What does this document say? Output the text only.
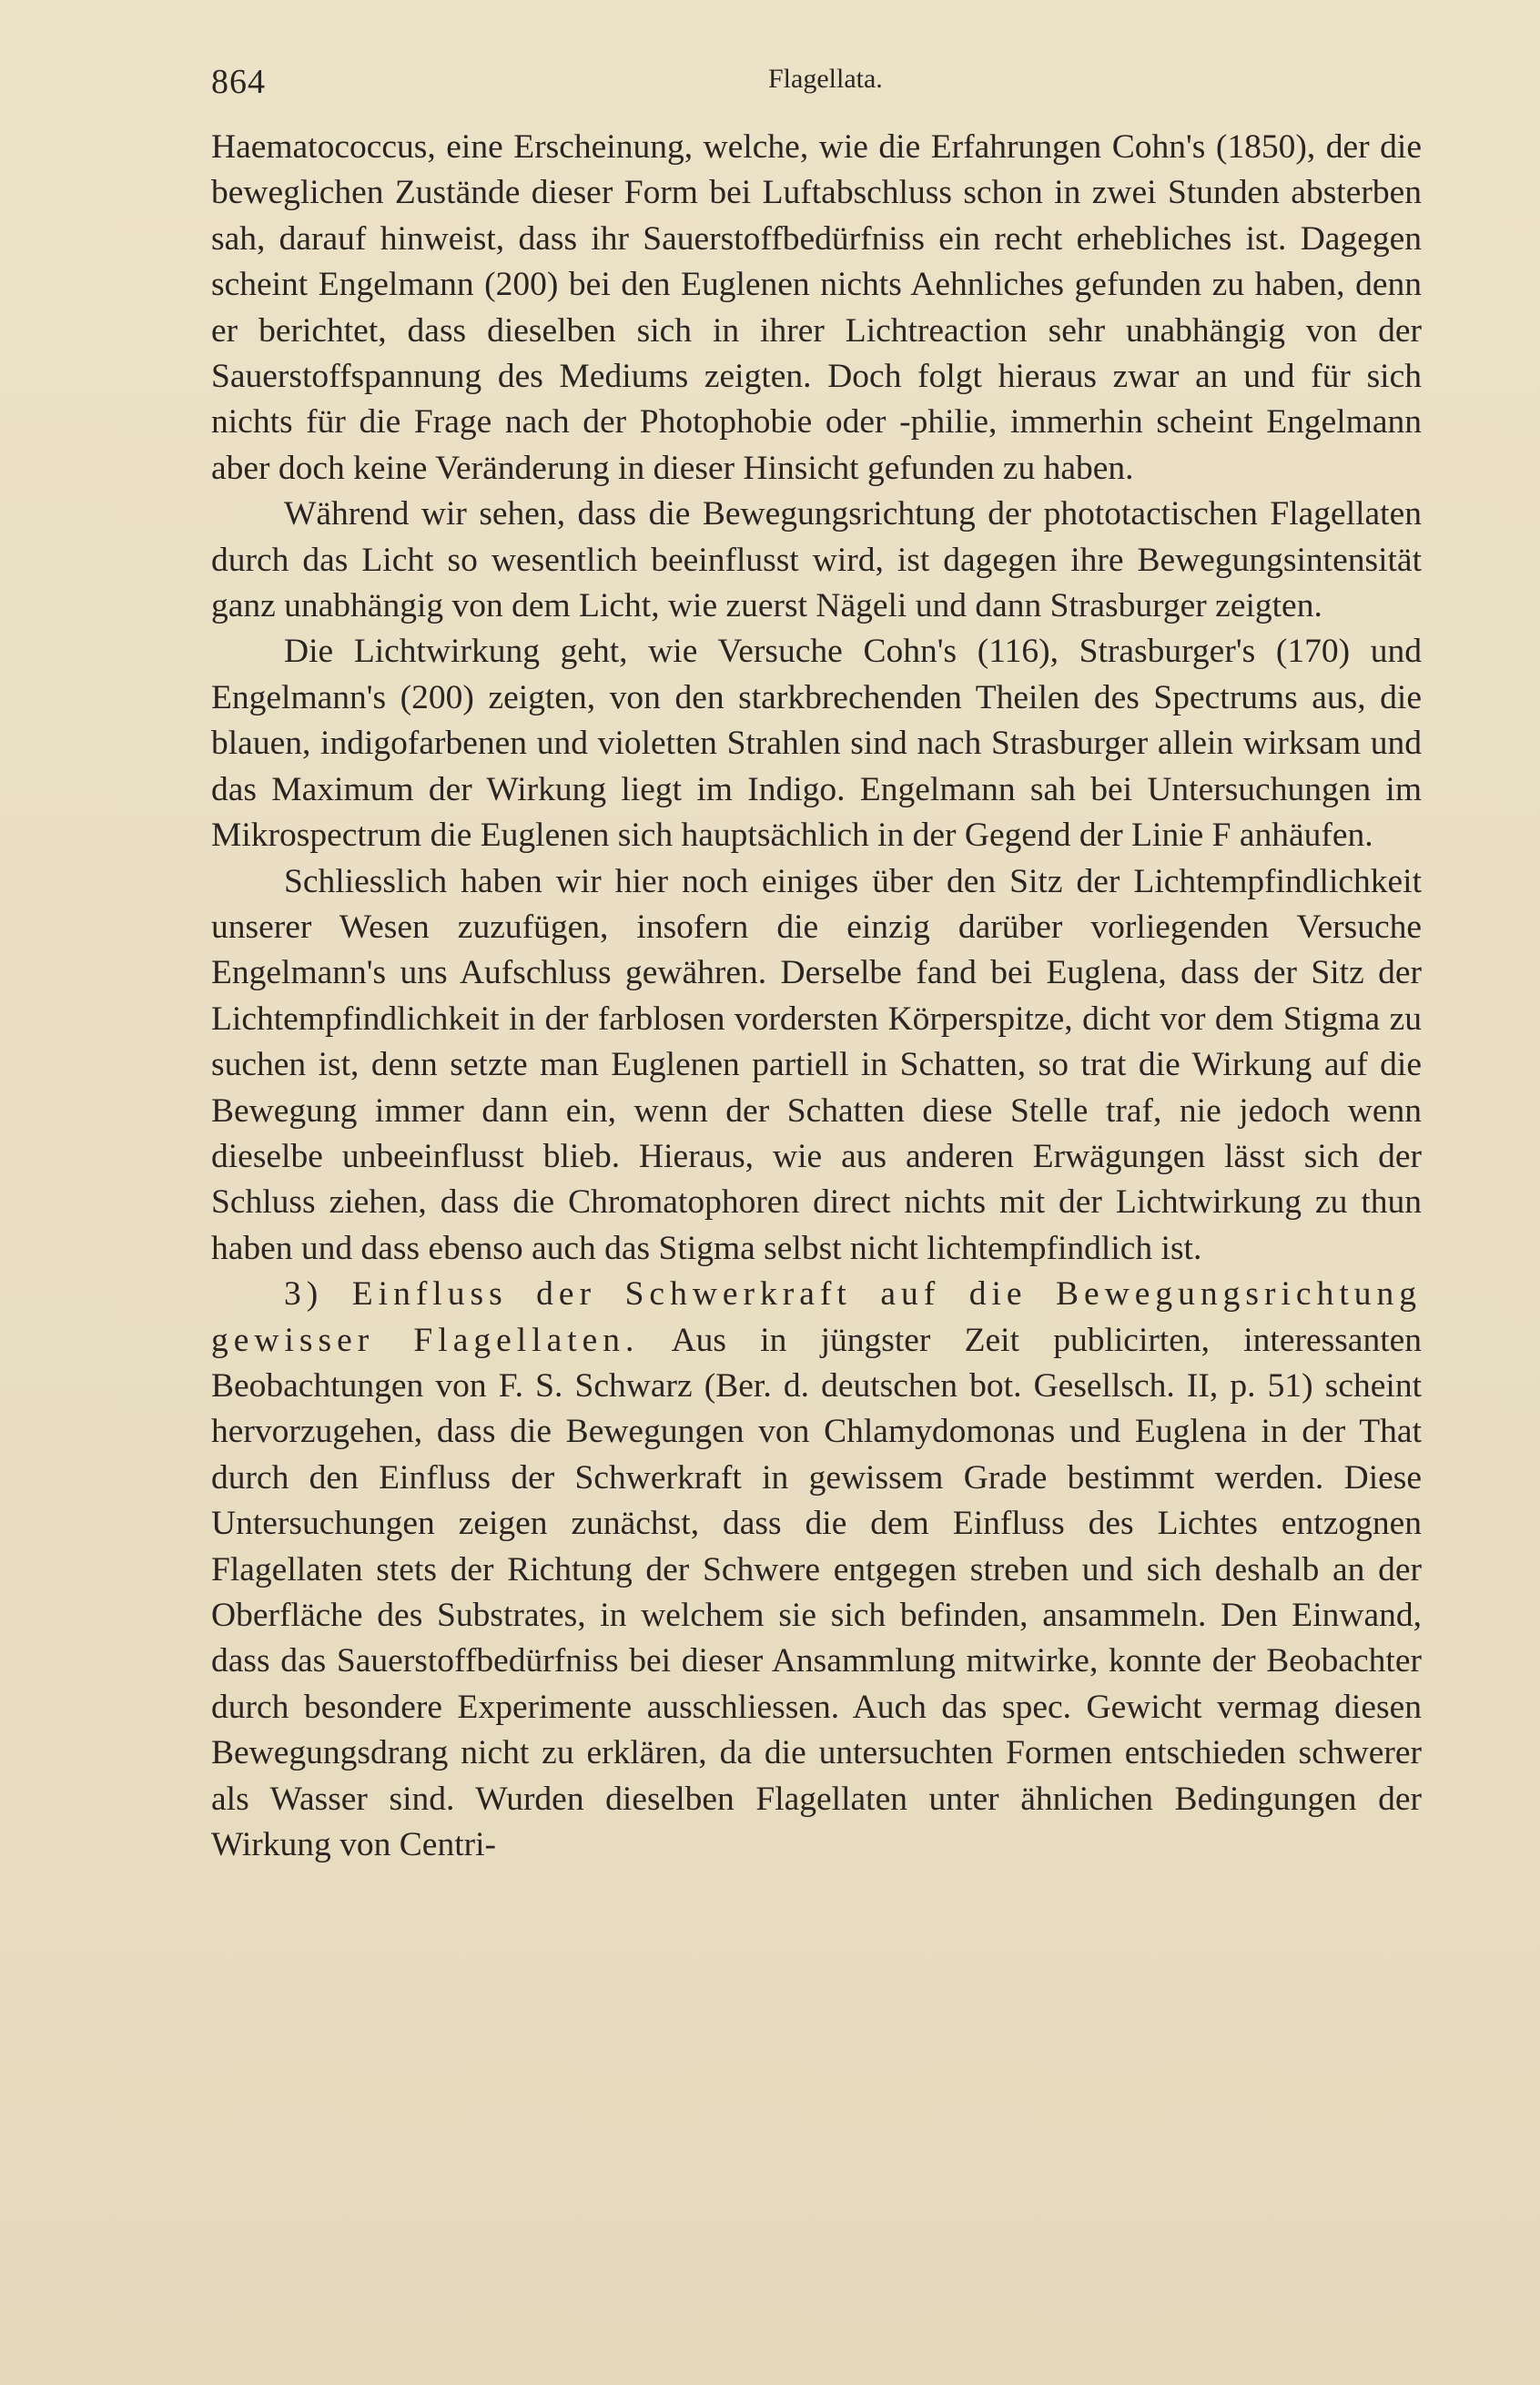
864	Flagellata.

Haematococcus, eine Erscheinung, welche, wie die Erfahrungen Cohn's (1850), der die beweglichen Zustände dieser Form bei Luftabschluss schon in zwei Stunden absterben sah, darauf hinweist, dass ihr Sauerstoffbedürfniss ein recht erhebliches ist. Dagegen scheint Engelmann (200) bei den Euglenen nichts Aehnliches gefunden zu haben, denn er berichtet, dass dieselben sich in ihrer Lichtreaction sehr unabhängig von der Sauerstoffspannung des Mediums zeigten. Doch folgt hieraus zwar an und für sich nichts für die Frage nach der Photophobie oder -philie, immerhin scheint Engelmann aber doch keine Veränderung in dieser Hinsicht gefunden zu haben.

Während wir sehen, dass die Bewegungsrichtung der phototactischen Flagellaten durch das Licht so wesentlich beeinflusst wird, ist dagegen ihre Bewegungsintensität ganz unabhängig von dem Licht, wie zuerst Nägeli und dann Strasburger zeigten.

Die Lichtwirkung geht, wie Versuche Cohn's (116), Strasburger's (170) und Engelmann's (200) zeigten, von den starkbrechenden Theilen des Spectrums aus, die blauen, indigofarbenen und violetten Strahlen sind nach Strasburger allein wirksam und das Maximum der Wirkung liegt im Indigo. Engelmann sah bei Untersuchungen im Mikrospectrum die Euglenen sich hauptsächlich in der Gegend der Linie F anhäufen.

Schliesslich haben wir hier noch einiges über den Sitz der Lichtempfindlichkeit unserer Wesen zuzufügen, insofern die einzig darüber vorliegenden Versuche Engelmann's uns Aufschluss gewähren. Derselbe fand bei Euglena, dass der Sitz der Lichtempfindlichkeit in der farblosen vordersten Körperspitze, dicht vor dem Stigma zu suchen ist, denn setzte man Euglenen partiell in Schatten, so trat die Wirkung auf die Bewegung immer dann ein, wenn der Schatten diese Stelle traf, nie jedoch wenn dieselbe unbeeinflusst blieb. Hieraus, wie aus anderen Erwägungen lässt sich der Schluss ziehen, dass die Chromatophoren direct nichts mit der Lichtwirkung zu thun haben und dass ebenso auch das Stigma selbst nicht lichtempfindlich ist.

3) Einfluss der Schwerkraft auf die Bewegungsrichtung gewisser Flagellaten. Aus in jüngster Zeit publicirten, interessanten Beobachtungen von F. S. Schwarz (Ber. d. deutschen bot. Gesellsch. II, p. 51) scheint hervorzugehen, dass die Bewegungen von Chlamydomonas und Euglena in der That durch den Einfluss der Schwerkraft in gewissem Grade bestimmt werden. Diese Untersuchungen zeigen zunächst, dass die dem Einfluss des Lichtes entzognen Flagellaten stets der Richtung der Schwere entgegen streben und sich deshalb an der Oberfläche des Substrates, in welchem sie sich befinden, ansammeln. Den Einwand, dass das Sauerstoffbedürfniss bei dieser Ansammlung mitwirke, konnte der Beobachter durch besondere Experimente ausschliessen. Auch das spec. Gewicht vermag diesen Bewegungsdrang nicht zu erklären, da die untersuchten Formen entschieden schwerer als Wasser sind. Wurden dieselben Flagellaten unter ähnlichen Bedingungen der Wirkung von Centri-
